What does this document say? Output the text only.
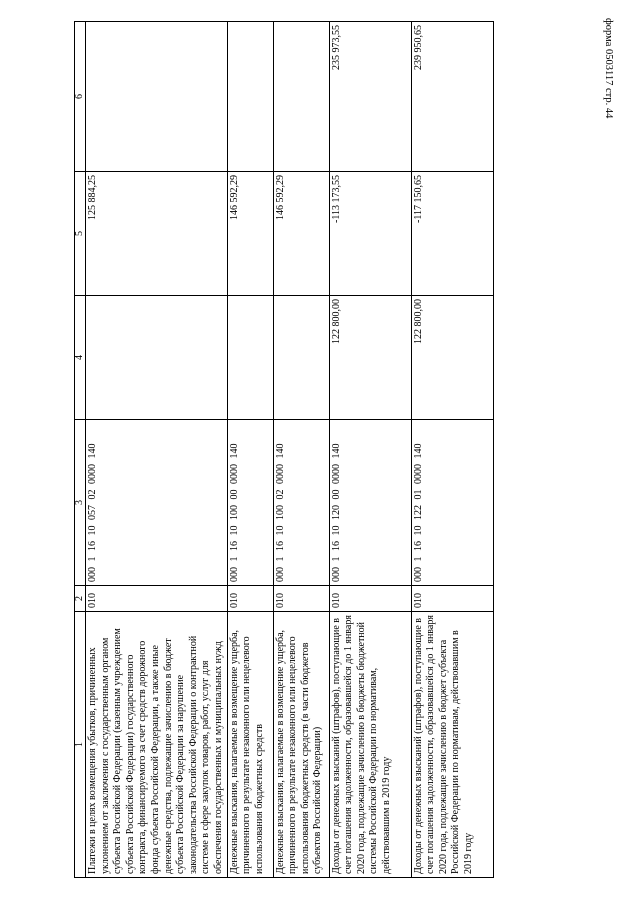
форма 0503117 стр. 44
1	2	3	4	5	6
Платежи в целях возмещения убытков, причиненных уклонением от заключения с государственным органом субъекта Российской Федерации (казенным учреждением субъекта Российской Федерации) государственного контракта, финансируемого за счет средств дорожного фонда субъекта Российской Федерации, а также иные денежные средства, подлежащие зачислению в бюджет субъекта Российской Федерации за нарушение законодательства Российской Федерации о контрактной системе в сфере закупок товаров, работ, услуг для обеспечения государственных и муниципальных нужд	010	000 1 16 10 057 02 0000 140		125 884,25	
Денежные взыскания, налагаемые в возмещение ущерба, причиненного в результате незаконного или нецелевого использования бюджетных средств	010	000 1 16 10 100 00 0000 140		146 592,29	
Денежные взыскания, налагаемые в возмещение ущерба, причиненного в результате незаконного или нецелевого использования бюджетных средств (в части бюджетов субъектов Российской Федерации)	010	000 1 16 10 100 02 0000 140		146 592,29	
Доходы от денежных взысканий (штрафов), поступающие в счет погашения задолженности, образовавшейся до 1 января 2020 года, подлежащие зачислению в бюджеты бюджетной системы Российской Федерации по нормативам, действовавшим в 2019 году	010	000 1 16 10 120 00 0000 140	122 800,00	-113 173,55	235 973,55
Доходы от денежных взысканий (штрафов), поступающие в счет погашения задолженности, образовавшейся до 1 января 2020 года, подлежащие зачислению в бюджет субъекта Российской Федерации по нормативам, действовавшим в 2019 году	010	000 1 16 10 122 01 0000 140	122 800,00	-117 150,65	239 950,65
